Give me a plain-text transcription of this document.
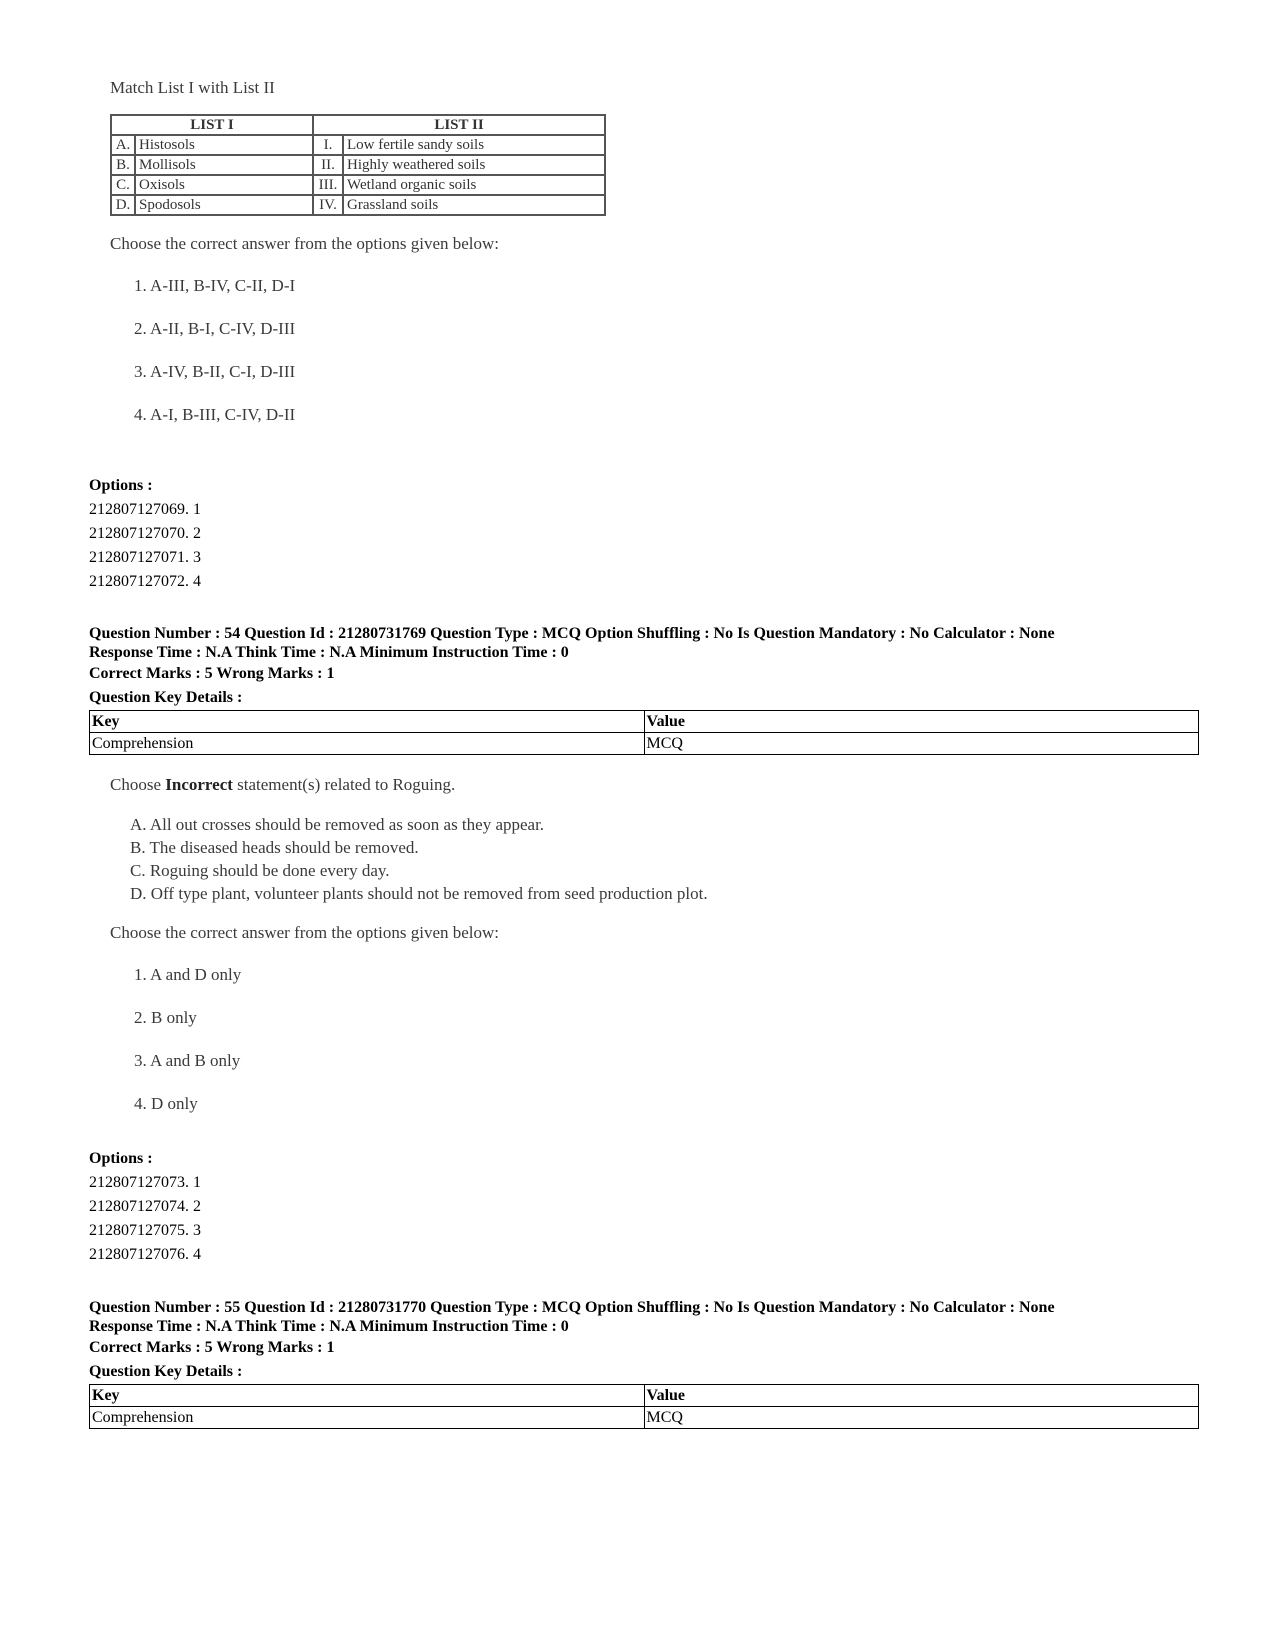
Match List I with List II

LIST I		LIST II	
A.	Histosols	I.	Low fertile sandy soils
B.	Mollisols	II.	Highly weathered soils
C.	Oxisols	III.	Wetland organic soils
D.	Spodosols	IV.	Grassland soils

Choose the correct answer from the options given below:

1. A-III, B-IV, C-II, D-I

2. A-II, B-I, C-IV, D-III

3. A-IV, B-II, C-I, D-III

4. A-I, B-III, C-IV, D-II

Options :
212807127069. 1
212807127070. 2
212807127071. 3
212807127072. 4
Question Number : 54 Question Id : 21280731769 Question Type : MCQ Option Shuffling : No Is Question Mandatory : No Calculator : None
Response Time : N.A Think Time : N.A Minimum Instruction Time : 0
Correct Marks : 5 Wrong Marks : 1
Question Key Details :
Key	Value
Comprehension	MCQ

Choose Incorrect statement(s) related to Roguing.

A. All out crosses should be removed as soon as they appear.

B. The diseased heads should be removed.

C. Roguing should be done every day.

D. Off type plant, volunteer plants should not be removed from seed production plot.

Choose the correct answer from the options given below:

1. A and D only

2. B only

3. A and B only

4. D only

Options :
212807127073. 1
212807127074. 2
212807127075. 3
212807127076. 4
Question Number : 55 Question Id : 21280731770 Question Type : MCQ Option Shuffling : No Is Question Mandatory : No Calculator : None
Response Time : N.A Think Time : N.A Minimum Instruction Time : 0
Correct Marks : 5 Wrong Marks : 1
Question Key Details :
Key	Value
Comprehension	MCQ
